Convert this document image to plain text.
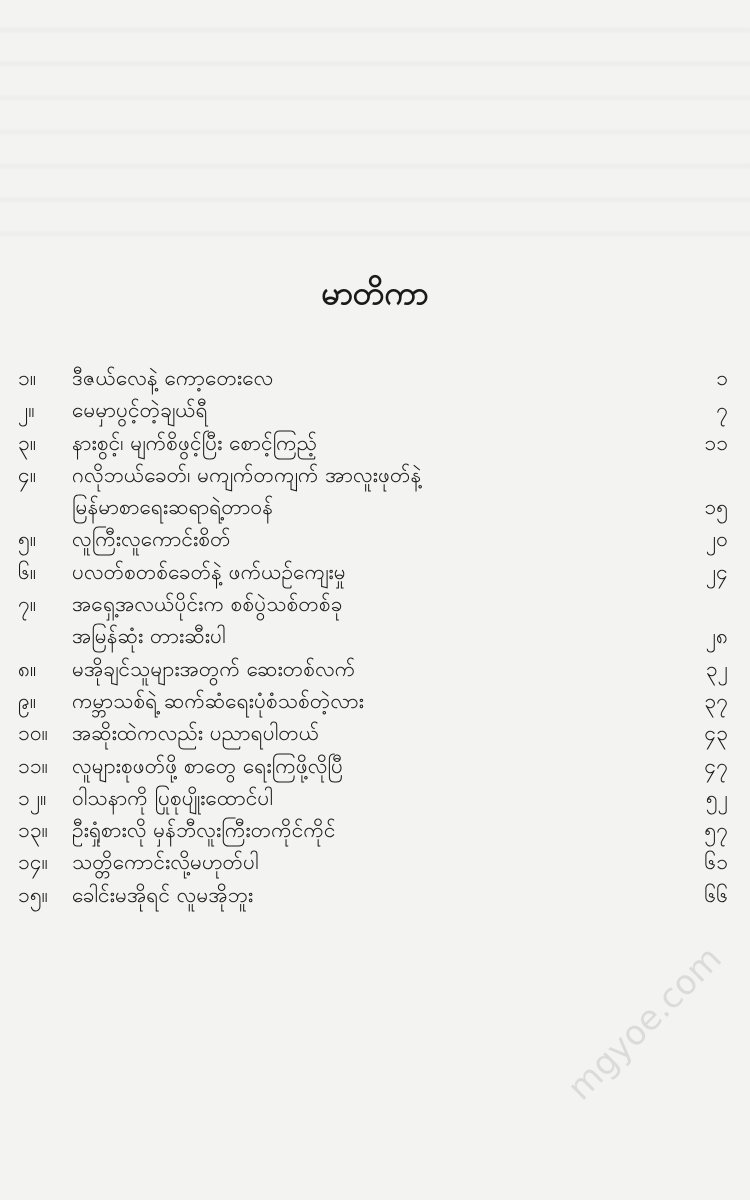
မာတိကာ
၁။ ဒီဇယ်လေနဲ့ ကော့တေးလေ	၁
၂။ မေမှာပွင့်တဲ့ချယ်ရီ	၇
၃။ နားစွင့်၊ မျက်စိဖွင့်ပြီး စောင့်ကြည့်	၁၁
၄။ ဂလိုဘယ်ခေတ်၊ မကျက်တကျက် အာလူးဖုတ်နဲ့
မြန်မာစာရေးဆရာရဲ့တာဝန်	၁၅
၅။ လူကြီးလူကောင်းစိတ်	၂၀
၆။ ပလတ်စတစ်ခေတ်နဲ့ ဖက်ယဉ်ကျေးမှု	၂၄
၇။ အရှေ့အလယ်ပိုင်းက စစ်ပွဲသစ်တစ်ခု
အမြန်ဆုံး တားဆီးပါ	၂၈
၈။ မအိုချင်သူများအတွက် ဆေးတစ်လက်	၃၂
၉။ ကမ္ဘာသစ်ရဲ့ ဆက်ဆံရေးပုံစံသစ်တဲ့လား	၃၇
၁၀။ အဆိုးထဲကလည်း ပညာရပါတယ်	၄၃
၁၁။ လူများစုဖတ်ဖို့ စာတွေ ရေးကြဖို့လိုပြီ	၄၇
၁၂။ ဝါသနာကို ပြုစုပျိုးထောင်ပါ	၅၂
၁၃။ ဦးရှုံစားလို မှန်ဘီလူးကြီးတကိုင်ကိုင်	၅၇
၁၄။ သတ္တိကောင်းလို့မဟုတ်ပါ	၆၁
၁၅။ ခေါင်းမအိုရင် လူမအိုဘူး	၆၆
mgyoe.com
